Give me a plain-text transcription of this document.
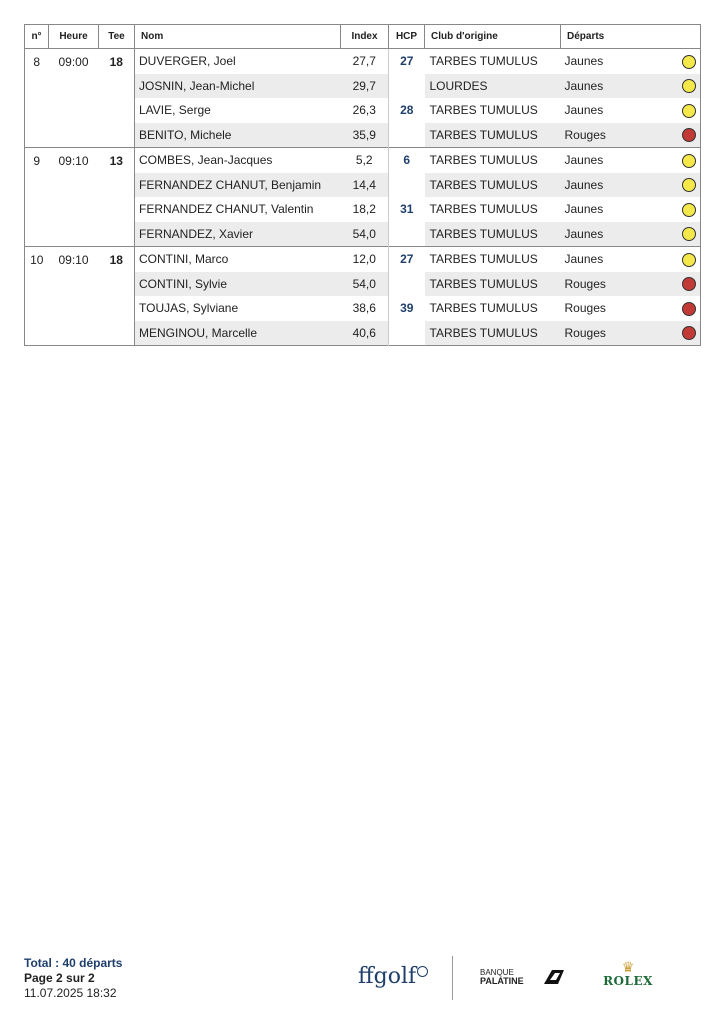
n°	Heure	Tee	Nom	Index	HCP	Club d'origine	Départs	
8	09:00	18	DUVERGER, Joel	27,7	27	TARBES TUMULUS	Jaunes	
			JOSNIN, Jean-Michel	29,7		LOURDES	Jaunes	
			LAVIE, Serge	26,3	28	TARBES TUMULUS	Jaunes	
			BENITO, Michele	35,9		TARBES TUMULUS	Rouges	
9	09:10	13	COMBES, Jean-Jacques	5,2	6	TARBES TUMULUS	Jaunes	
			FERNANDEZ CHANUT, Benjamin	14,4		TARBES TUMULUS	Jaunes	
			FERNANDEZ CHANUT, Valentin	18,2	31	TARBES TUMULUS	Jaunes	
			FERNANDEZ, Xavier	54,0		TARBES TUMULUS	Jaunes	
10	09:10	18	CONTINI, Marco	12,0	27	TARBES TUMULUS	Jaunes	
			CONTINI, Sylvie	54,0		TARBES TUMULUS	Rouges	
			TOUJAS, Sylviane	38,6	39	TARBES TUMULUS	Rouges	
			MENGINOU, Marcelle	40,6		TARBES TUMULUS	Rouges	
Total : 40 départs
Page 2 sur 2
11.07.2025 18:32
ffgolf	BANQUE
PALATINE
♛
ROLEX
